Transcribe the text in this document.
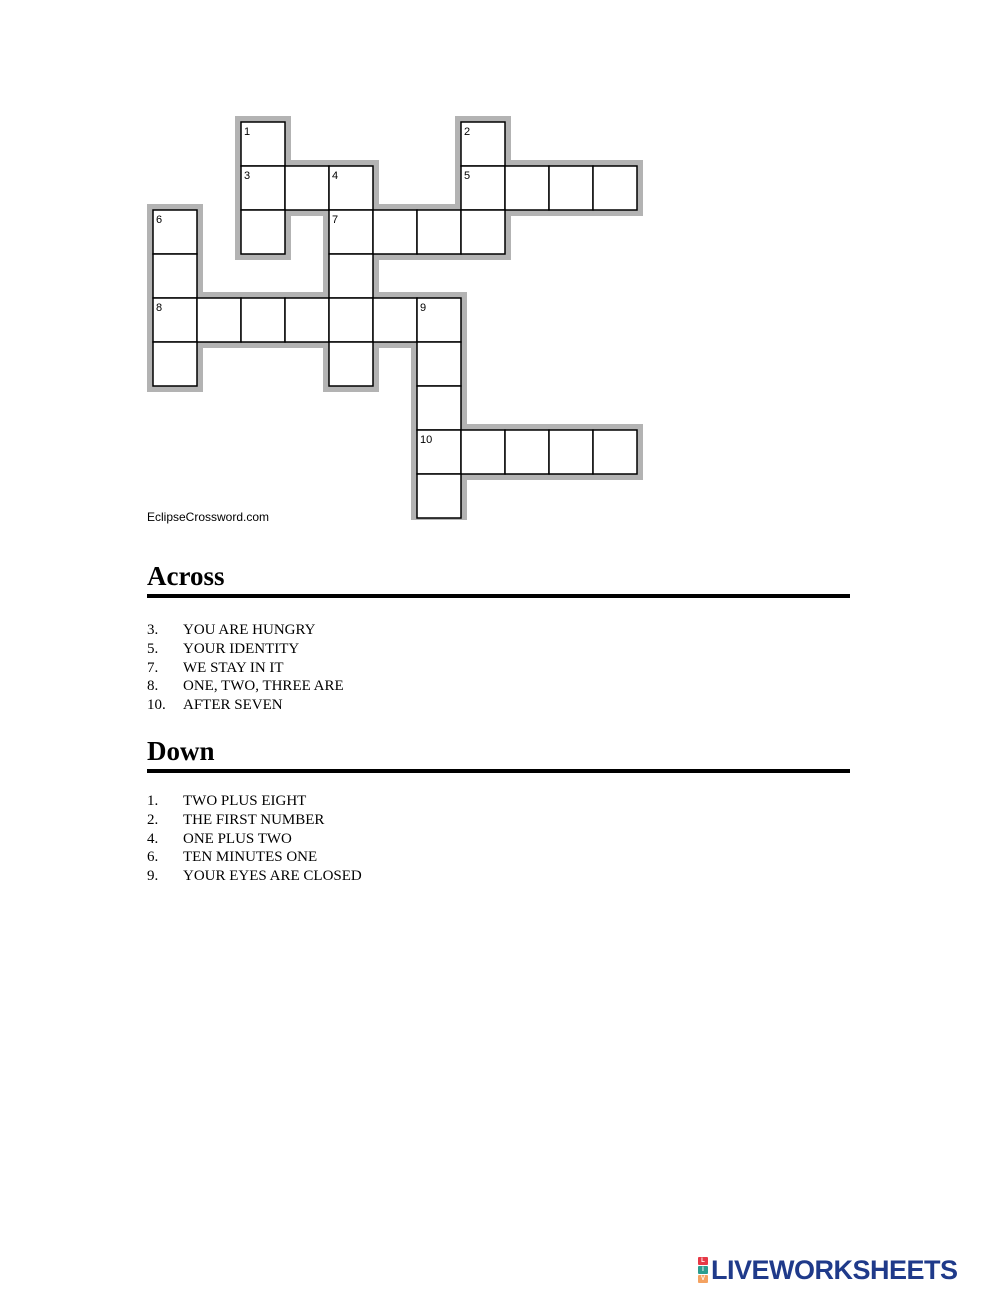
1	2
3	4	5
6	7
8	9
10
EclipseCrossword.com
Across
3. YOU ARE HUNGRY
5. YOUR IDENTITY
7. WE STAY IN IT
8. ONE, TWO, THREE ARE
10. AFTER SEVEN
Down
1. TWO PLUS EIGHT
2. THE FIRST NUMBER
4. ONE PLUS TWO
6. TEN MINUTES ONE
9. YOUR EYES ARE CLOSED
L
I
V LIVEWORKSHEETS
